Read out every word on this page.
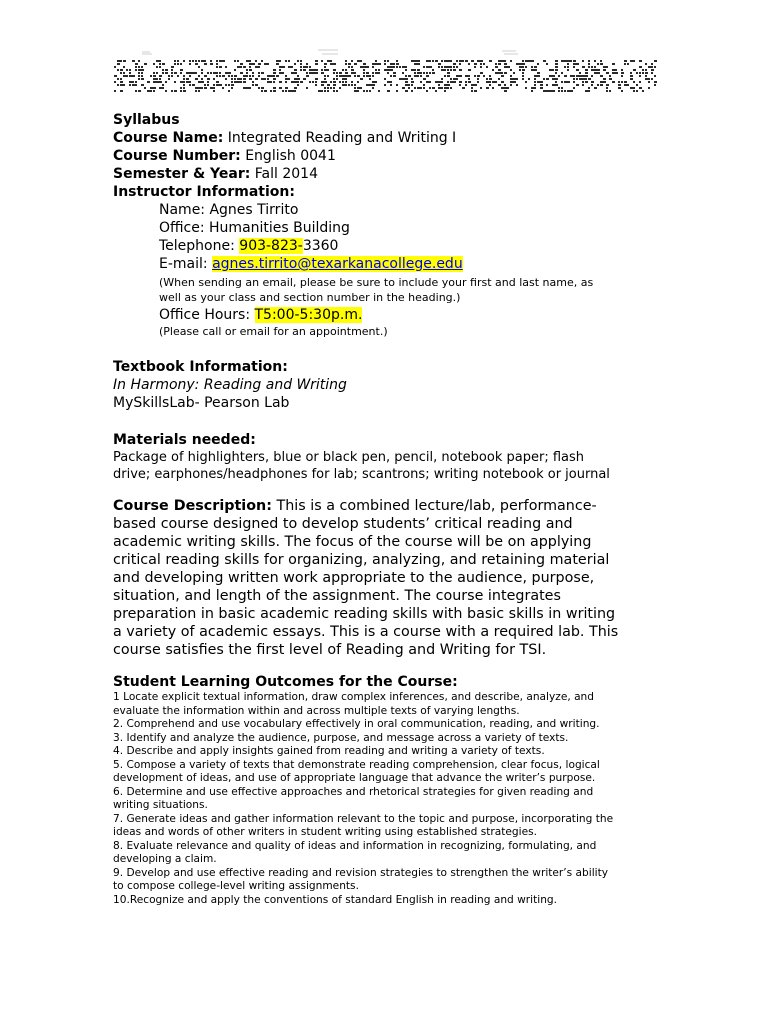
Syllabus
Course Name: Integrated Reading and Writing I
Course Number: English 0041
Semester & Year: Fall 2014
Instructor Information:
Name: Agnes Tirrito
Office: Humanities Building
Telephone: 903-823-3360
E-mail: agnes.tirrito@texarkanacollege.edu
(When sending an email, please be sure to include your first and last name, as
well as your class and section number in the heading.)
Office Hours: T5:00-5:30p.m.
(Please call or email for an appointment.)
Textbook Information:
In Harmony: Reading and Writing
MySkillsLab- Pearson Lab
Materials needed:
Package of highlighters, blue or black pen, pencil, notebook paper; flash
drive; earphones/headphones for lab; scantrons; writing notebook or journal
Course Description: This is a combined lecture/lab, performance-
based course designed to develop students’ critical reading and
academic writing skills. The focus of the course will be on applying
critical reading skills for organizing, analyzing, and retaining material
and developing written work appropriate to the audience, purpose,
situation, and length of the assignment. The course integrates
preparation in basic academic reading skills with basic skills in writing
a variety of academic essays. This is a course with a required lab. This
course satisfies the first level of Reading and Writing for TSI.
Student Learning Outcomes for the Course:
1 Locate explicit textual information, draw complex inferences, and describe, analyze, and
evaluate the information within and across multiple texts of varying lengths.
2. Comprehend and use vocabulary effectively in oral communication, reading, and writing.
3. Identify and analyze the audience, purpose, and message across a variety of texts.
4. Describe and apply insights gained from reading and writing a variety of texts.
5. Compose a variety of texts that demonstrate reading comprehension, clear focus, logical
development of ideas, and use of appropriate language that advance the writer’s purpose.
6. Determine and use effective approaches and rhetorical strategies for given reading and
writing situations.
7. Generate ideas and gather information relevant to the topic and purpose, incorporating the
ideas and words of other writers in student writing using established strategies.
8. Evaluate relevance and quality of ideas and information in recognizing, formulating, and
developing a claim.
9. Develop and use effective reading and revision strategies to strengthen the writer’s ability
to compose college-level writing assignments.
10.Recognize and apply the conventions of standard English in reading and writing.
